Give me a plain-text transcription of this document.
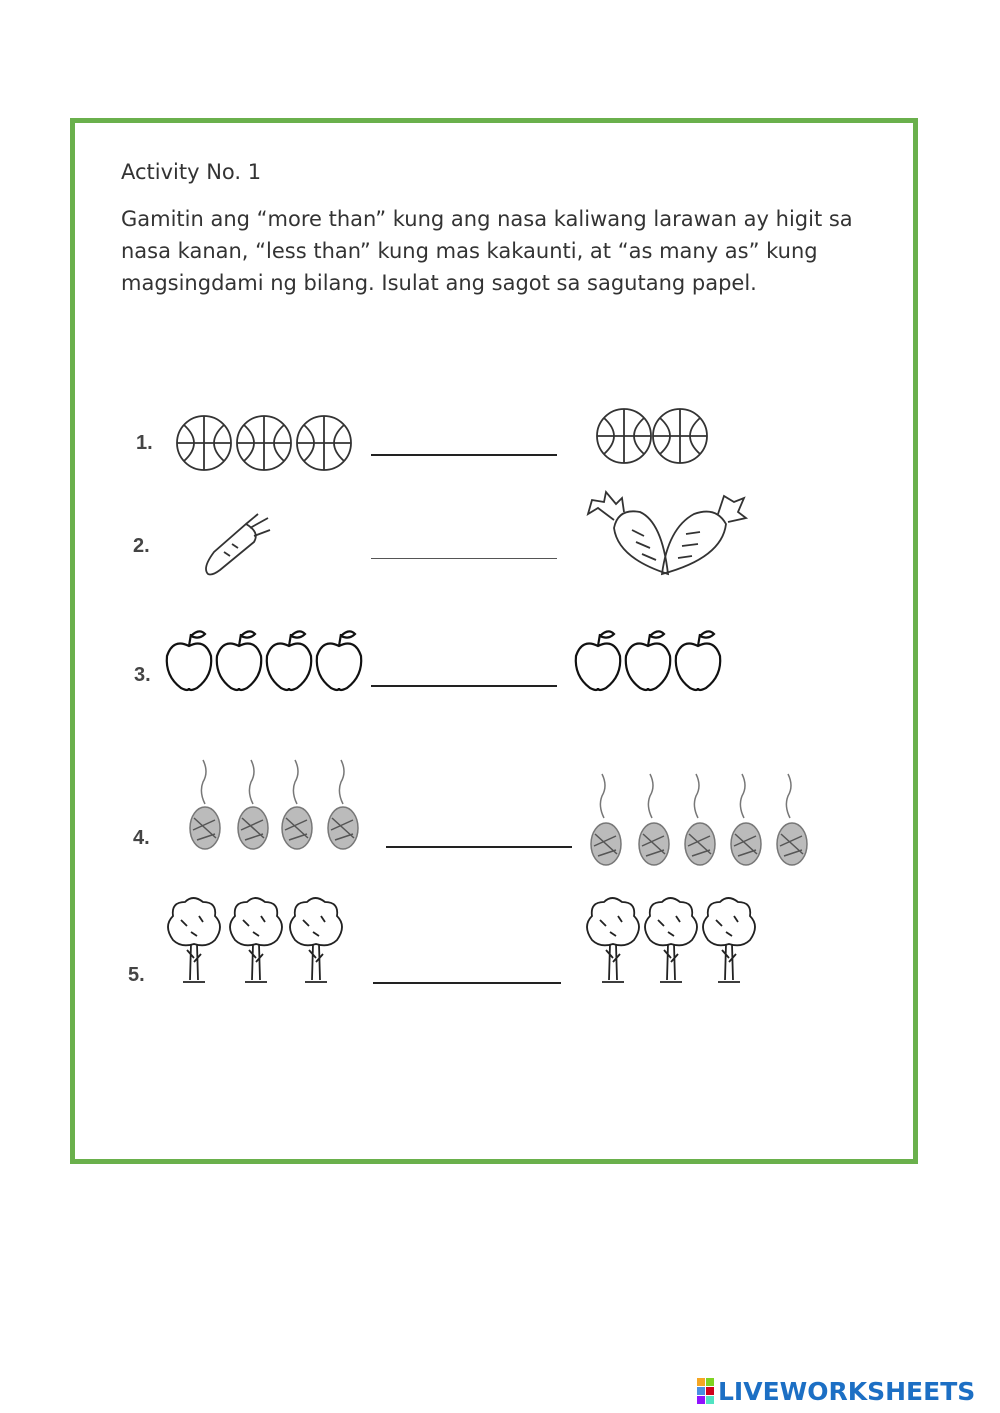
Activity No. 1
Gamitin ang “more than” kung ang nasa kaliwang larawan ay higit sa nasa kanan, “less than” kung mas kakaunti, at “as many as” kung magsingdami ng bilang. Isulat ang sagot sa sagutang papel.
1.
2.
3.
4.
5.
LIVEWORKSHEETS
